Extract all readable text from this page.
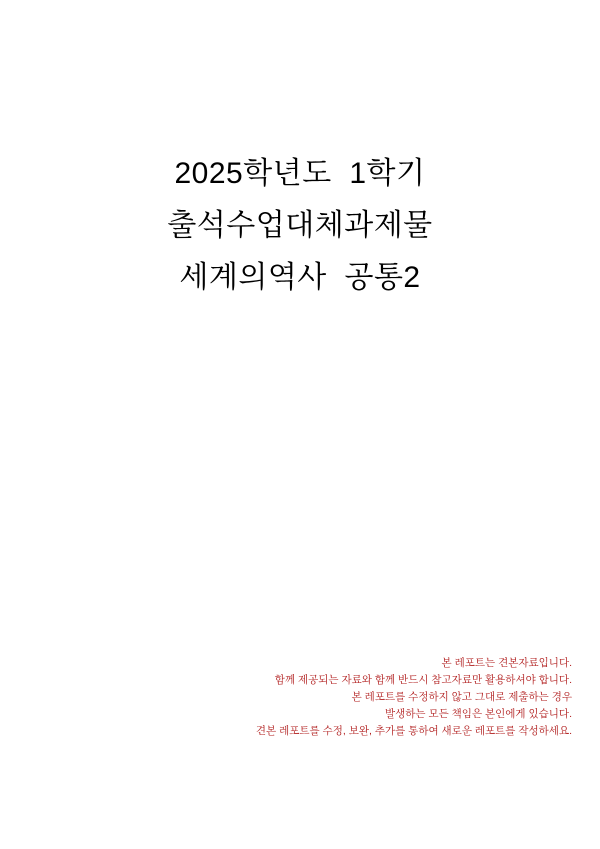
2025학년도  1학기
출석수업대체과제물
세계의역사  공통2
본 레포트는 견본자료입니다.
함께 제공되는 자료와 함께 반드시 참고자료만 활용하셔야 합니다.
본 레포트를 수정하지 않고 그대로 제출하는 경우
발생하는 모든 책임은 본인에게 있습니다.
견본 레포트를 수정, 보완, 추가를 통하여 새로운 레포트를 작성하세요.
